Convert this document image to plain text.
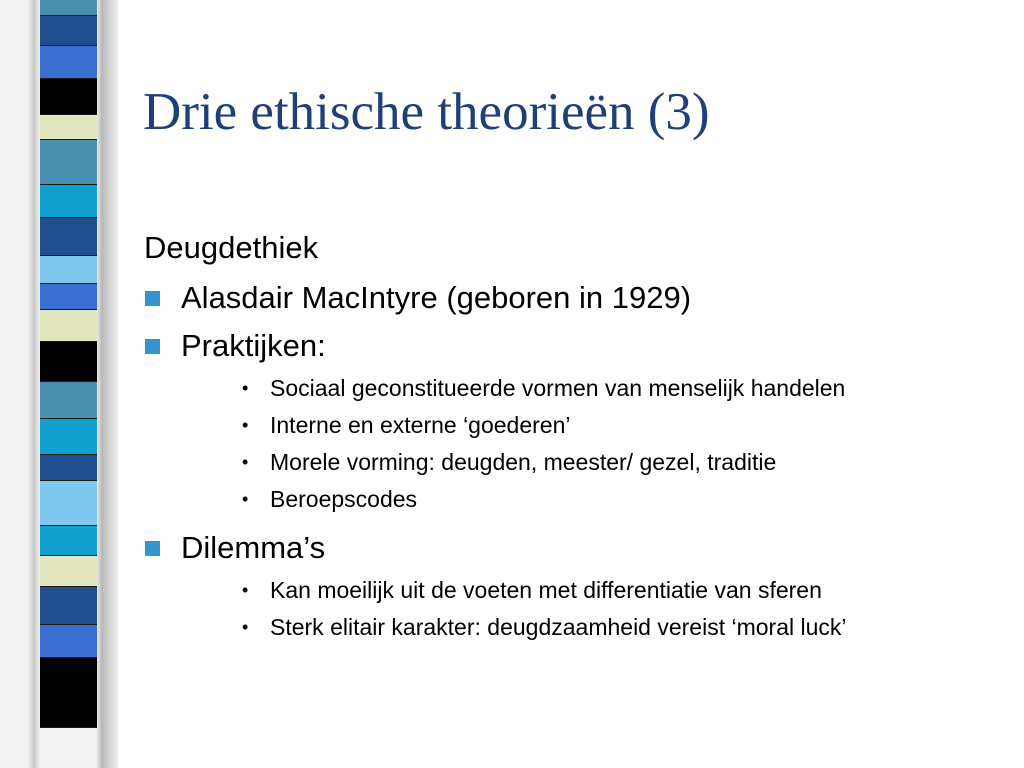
Drie ethische theorieën (3)
Deugdethiek
Alasdair MacIntyre (geboren in 1929)
Praktijken:
• Sociaal geconstitueerde vormen van menselijk handelen
• Interne en externe ‘goederen’
• Morele vorming: deugden, meester/ gezel, traditie
• Beroepscodes
Dilemma’s
• Kan moeilijk uit de voeten met differentiatie van sferen
• Sterk elitair karakter: deugdzaamheid vereist ‘moral luck’
